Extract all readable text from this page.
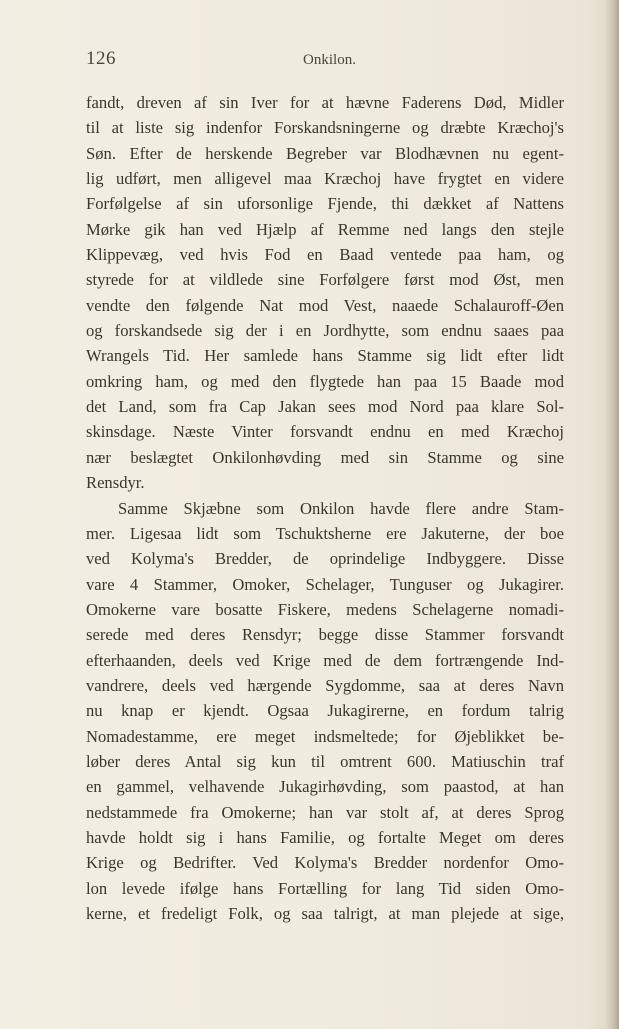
126	Onkilon.
fandt, dreven af sin Iver for at hævne Faderens Død, Midler
til at liste sig indenfor Forskandsningerne og dræbte Kræchoj's
Søn. Efter de herskende Begreber var Blodhævnen nu egent-
lig udført, men alligevel maa Kræchoj have frygtet en videre
Forfølgelse af sin uforsonlige Fjende, thi dækket af Nattens
Mørke gik han ved Hjælp af Remme ned langs den stejle
Klippevæg, ved hvis Fod en Baad ventede paa ham, og
styrede for at vildlede sine Forfølgere først mod Øst, men
vendte den følgende Nat mod Vest, naaede Schalauroff-Øen
og forskandsede sig der i en Jordhytte, som endnu saaes paa
Wrangels Tid. Her samlede hans Stamme sig lidt efter lidt
omkring ham, og med den flygtede han paa 15 Baade mod
det Land, som fra Cap Jakan sees mod Nord paa klare Sol-
skinsdage. Næste Vinter forsvandt endnu en med Kræchoj
nær beslægtet Onkilonhøvding med sin Stamme og sine
Rensdyr.
Samme Skjæbne som Onkilon havde flere andre Stam-
mer. Ligesaa lidt som Tschuktsherne ere Jakuterne, der boe
ved Kolyma's Bredder, de oprindelige Indbyggere. Disse
vare 4 Stammer, Omoker, Schelager, Tunguser og Jukagirer.
Omokerne vare bosatte Fiskere, medens Schelagerne nomadi-
serede med deres Rensdyr; begge disse Stammer forsvandt
efterhaanden, deels ved Krige med de dem fortrængende Ind-
vandrere, deels ved hærgende Sygdomme, saa at deres Navn
nu knap er kjendt. Ogsaa Jukagirerne, en fordum talrig
Nomadestamme, ere meget indsmeltede; for Øjeblikket be-
løber deres Antal sig kun til omtrent 600. Matiuschin traf
en gammel, velhavende Jukagirhøvding, som paastod, at han
nedstammede fra Omokerne; han var stolt af, at deres Sprog
havde holdt sig i hans Familie, og fortalte Meget om deres
Krige og Bedrifter. Ved Kolyma's Bredder nordenfor Omo-
lon levede ifølge hans Fortælling for lang Tid siden Omo-
kerne, et fredeligt Folk, og saa talrigt, at man plejede at sige,
